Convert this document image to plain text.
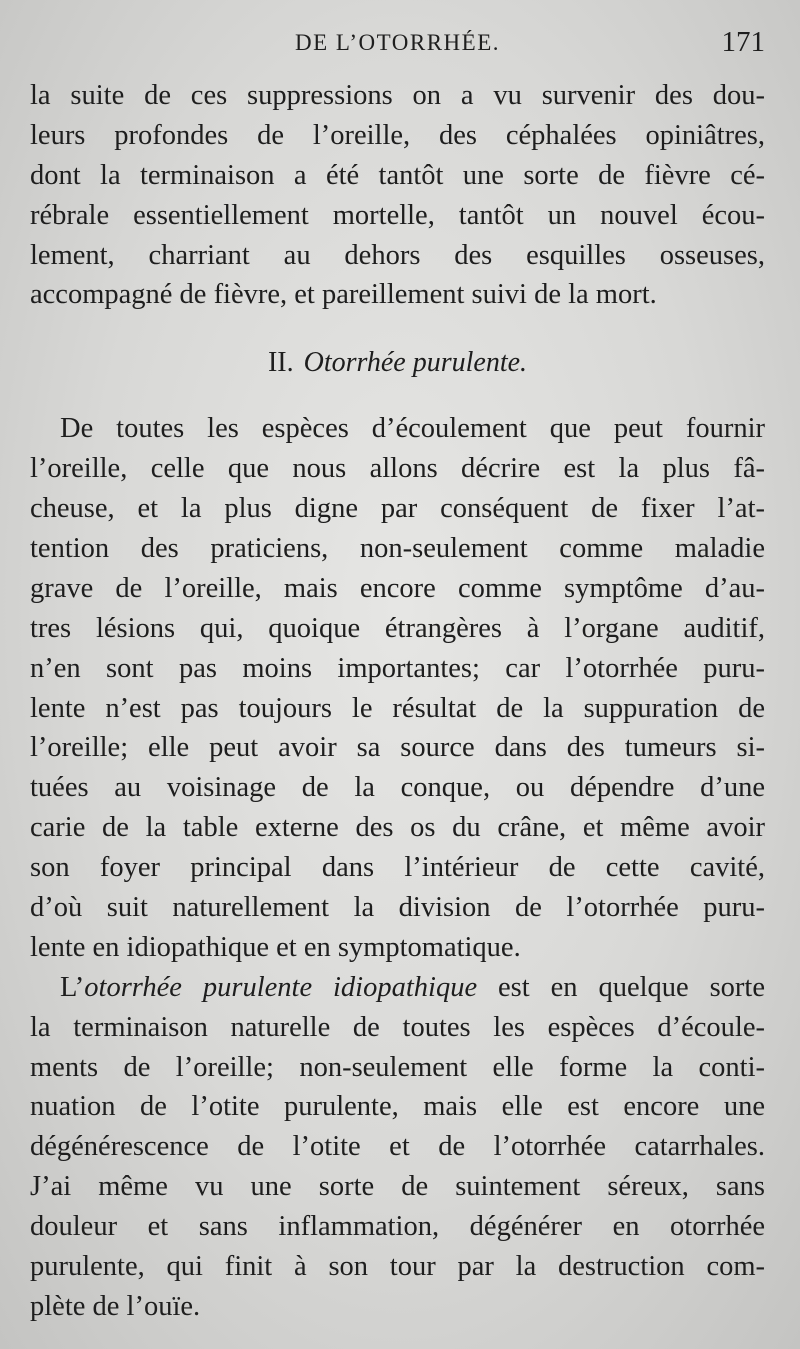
DE L’OTORRHÉE.	171
la suite de ces suppressions on a vu survenir des dou-
leurs profondes de l’oreille, des céphalées opiniâtres,
dont la terminaison a été tantôt une sorte de fièvre cé-
rébrale essentiellement mortelle, tantôt un nouvel écou-
lement, charriant au dehors des esquilles osseuses,
accompagné de fièvre, et pareillement suivi de la mort.
II. Otorrhée purulente.
De toutes les espèces d’écoulement que peut fournir
l’oreille, celle que nous allons décrire est la plus fâ-
cheuse, et la plus digne par conséquent de fixer l’at-
tention des praticiens, non-seulement comme maladie
grave de l’oreille, mais encore comme symptôme d’au-
tres lésions qui, quoique étrangères à l’organe auditif,
n’en sont pas moins importantes; car l’otorrhée puru-
lente n’est pas toujours le résultat de la suppuration de
l’oreille; elle peut avoir sa source dans des tumeurs si-
tuées au voisinage de la conque, ou dépendre d’une
carie de la table externe des os du crâne, et même avoir
son foyer principal dans l’intérieur de cette cavité,
d’où suit naturellement la division de l’otorrhée puru-
lente en idiopathique et en symptomatique.
L’otorrhée purulente idiopathique est en quelque sorte
la terminaison naturelle de toutes les espèces d’écoule-
ments de l’oreille; non-seulement elle forme la conti-
nuation de l’otite purulente, mais elle est encore une
dégénérescence de l’otite et de l’otorrhée catarrhales.
J’ai même vu une sorte de suintement séreux, sans
douleur et sans inflammation, dégénérer en otorrhée
purulente, qui finit à son tour par la destruction com-
plète de l’ouïe.
